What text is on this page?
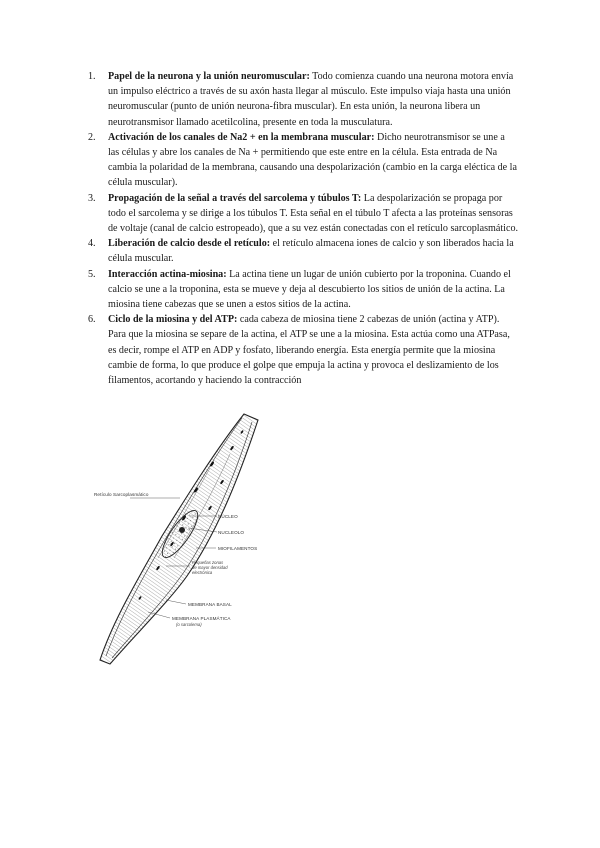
1. Papel de la neurona y la unión neuromuscular: Todo comienza cuando una neurona motora envía un impulso eléctrico a través de su axón hasta llegar al músculo. Este impulso viaja hasta una unión neuromuscular (punto de unión neurona-fibra muscular). En esta unión, la neurona libera un neurotransmisor llamado acetilcolina, presente en toda la musculatura.
2. Activación de los canales de Na2 + en la membrana muscular: Dicho neurotransmisor se une a las células y abre los canales de Na + permitiendo que este entre en la célula. Esta entrada de Na cambia la polaridad de la membrana, causando una despolarización (cambio en la carga eléctica de la célula muscular).
3. Propagación de la señal a través del sarcolema y túbulos T: La despolarización se propaga por todo el sarcolema y se dirige a los túbulos T. Esta señal en el túbulo T afecta a las proteínas sensoras de voltaje (canal de calcio estropeado), que a su vez están conectadas con el retículo sarcoplasmático.
4. Liberación de calcio desde el retículo: el retículo almacena iones de calcio y son liberados hacia la célula muscular.
5. Interacción actina-miosina: La actina tiene un lugar de unión cubierto por la troponina. Cuando el calcio se une a la troponina, esta se mueve y deja al descubierto los sitios de unión de la actina. La miosina tiene cabezas que se unen a estos sitios de la actina.
6. Ciclo de la miosina y del ATP: cada cabeza de miosina tiene 2 cabezas de unión (actina y ATP). Para que la miosina se separe de la actina, el ATP se une a la miosina. Esta actúa como una ATPasa, es decir, rompe el ATP en ADP y fosfato, liberando energía. Esta energía permite que la miosina cambie de forma, lo que produce el golpe que empuja la actina y provoca el deslizamiento de los filamentos, acortando y haciendo la contracción
Retículo Sarcoplasmático
NÚCLEO
NUCLEOLO
MIOFILAMENTOS
Pequeñas zonas
de mayor densidad
electrónica
MEMBRANA BASAL
MEMBRANA PLASMÁTICA
(o sarcolema)
